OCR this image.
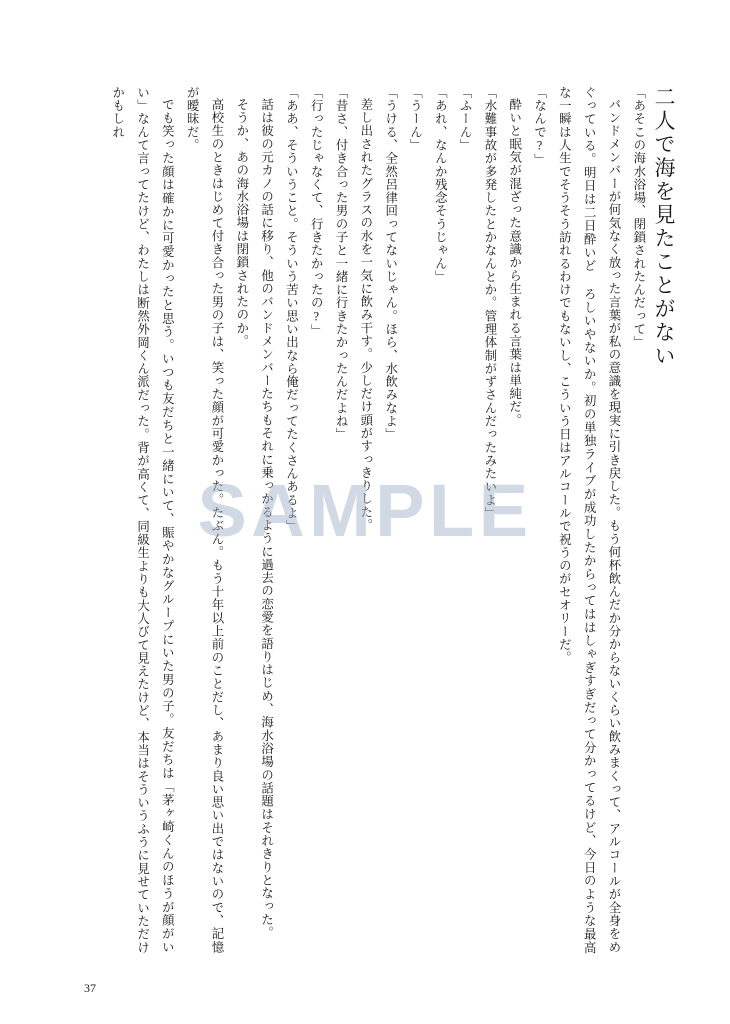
二人で海を見たことがない

「あそこの海水浴場、閉鎖されたんだって」

バンドメンバーが何気なく放った言葉が私の意識を現実に引き戻した。もう何杯飲んだか分からないくらい飲みまくって、アルコールが全身をめぐっている。明日は二日酔いど ろしいやないか。初の単独ライブが成功したからってははしゃぎすぎだって分かってるけど、今日のような最高な一瞬は人生でそうそう訪れるわけでもないし、こういう日はアルコールで祝うのがセオリーだ。

「なんで?」

酔いと眠気が混ざった意識から生まれる言葉は単純だ。

「水難事故が多発したとかなんとか。管理体制がずさんだったみたいよ」

「ふーん」

「あれ、なんか残念そうじゃん」

「うーん」

「うける、全然呂律回ってないじゃん。ほら、水飲みなよ」

差し出されたグラスの水を一気に飲み干す。少しだけ頭がすっきりした。

「昔さ、付き合った男の子と一緒に行きたかったんだよね」

「行ったじゃなくて、行きたかったの?」

「ああ、そういうこと。そういう苦い思い出なら俺だってたくさんあるよ」

話は彼の元カノの話に移り、他のバンドメンバーたちもそれに乗っかるように過去の恋愛を語りはじめ、海水浴場の話題はそれきりとなった。

そうか、あの海水浴場は閉鎖されたのか。

高校生のときはじめて付き合った男の子は、笑った顔が可愛かった。たぶん。もう十年以上前のことだし、あまり良い思い出ではないので、記憶が曖昧だ。

でも笑った顔は確かに可愛かったと思う。いつも友だちと一緒にいて、賑やかなグループにいた男の子。友だちは「茅ヶ崎くんのほうが顔がいい」なんて言ってたけど、わたしは断然外岡くん派だった。背が高くて、同級生よりも大人びて見えたけど、本当はそういうふうに見せていただけかもしれ

SAMPLE
37
